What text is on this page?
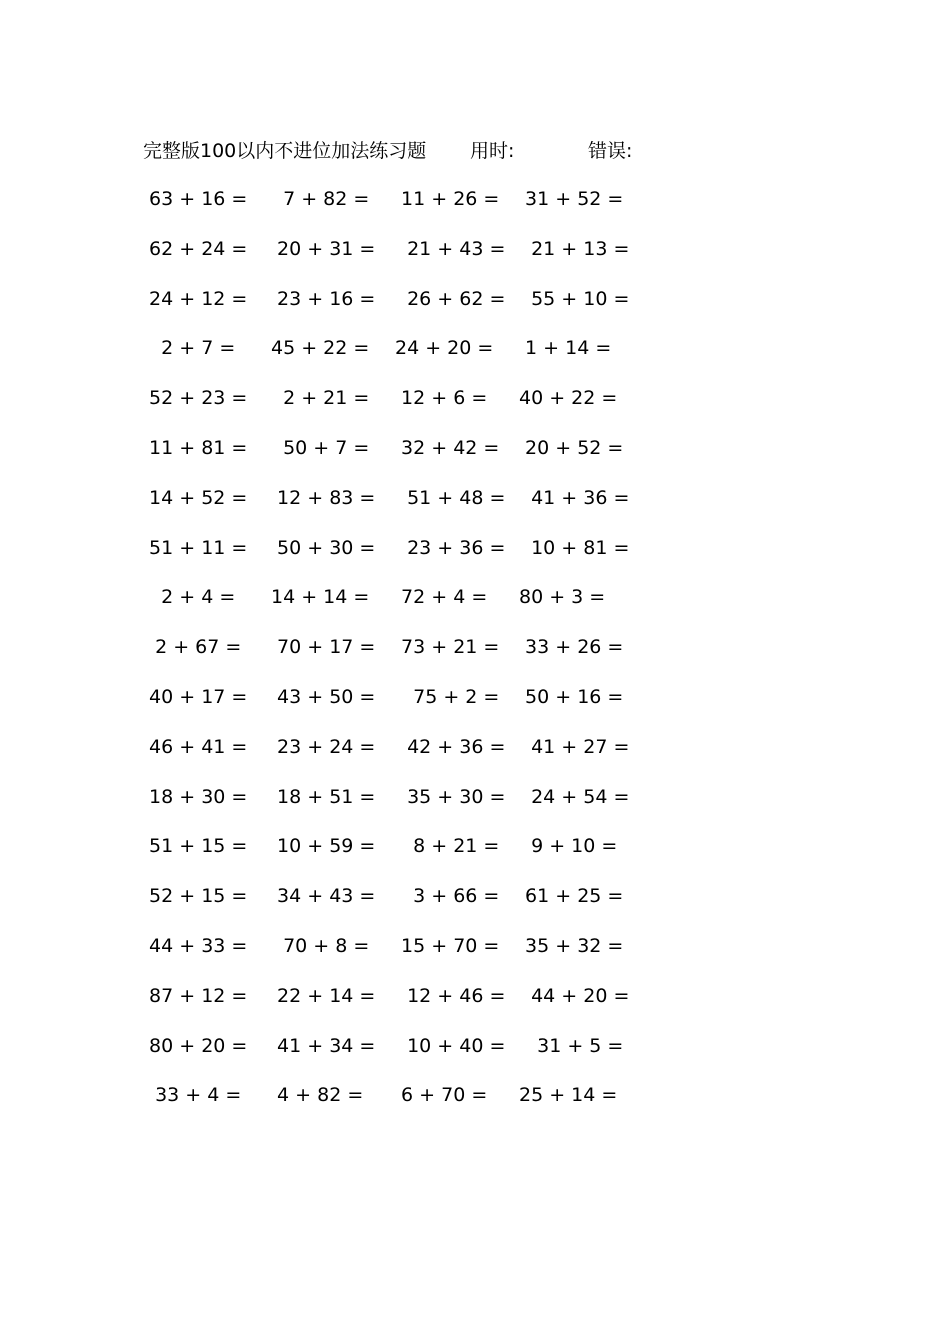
完整版100以内不进位加法练习题 用时:	错误:
63 + 16 = 7 + 82 = 11 + 26 = 31 + 52 =
62 + 24 = 20 + 31 = 21 + 43 = 21 + 13 =
24 + 12 = 23 + 16 = 26 + 62 = 55 + 10 =
2 + 7 = 45 + 22 = 24 + 20 = 1 + 14 =
52 + 23 = 2 + 21 = 12 + 6 = 40 + 22 =
11 + 81 = 50 + 7 = 32 + 42 = 20 + 52 =
14 + 52 = 12 + 83 = 51 + 48 = 41 + 36 =
51 + 11 = 50 + 30 = 23 + 36 = 10 + 81 =
2 + 4 = 14 + 14 = 72 + 4 = 80 + 3 =
2 + 67 = 70 + 17 = 73 + 21 = 33 + 26 =
40 + 17 = 43 + 50 = 75 + 2 = 50 + 16 =
46 + 41 = 23 + 24 = 42 + 36 = 41 + 27 =
18 + 30 = 18 + 51 = 35 + 30 = 24 + 54 =
51 + 15 = 10 + 59 = 8 + 21 = 9 + 10 =
52 + 15 = 34 + 43 = 3 + 66 = 61 + 25 =
44 + 33 = 70 + 8 = 15 + 70 = 35 + 32 =
87 + 12 = 22 + 14 = 12 + 46 = 44 + 20 =
80 + 20 = 41 + 34 = 10 + 40 = 31 + 5 =
33 + 4 = 4 + 82 = 6 + 70 = 25 + 14 =
